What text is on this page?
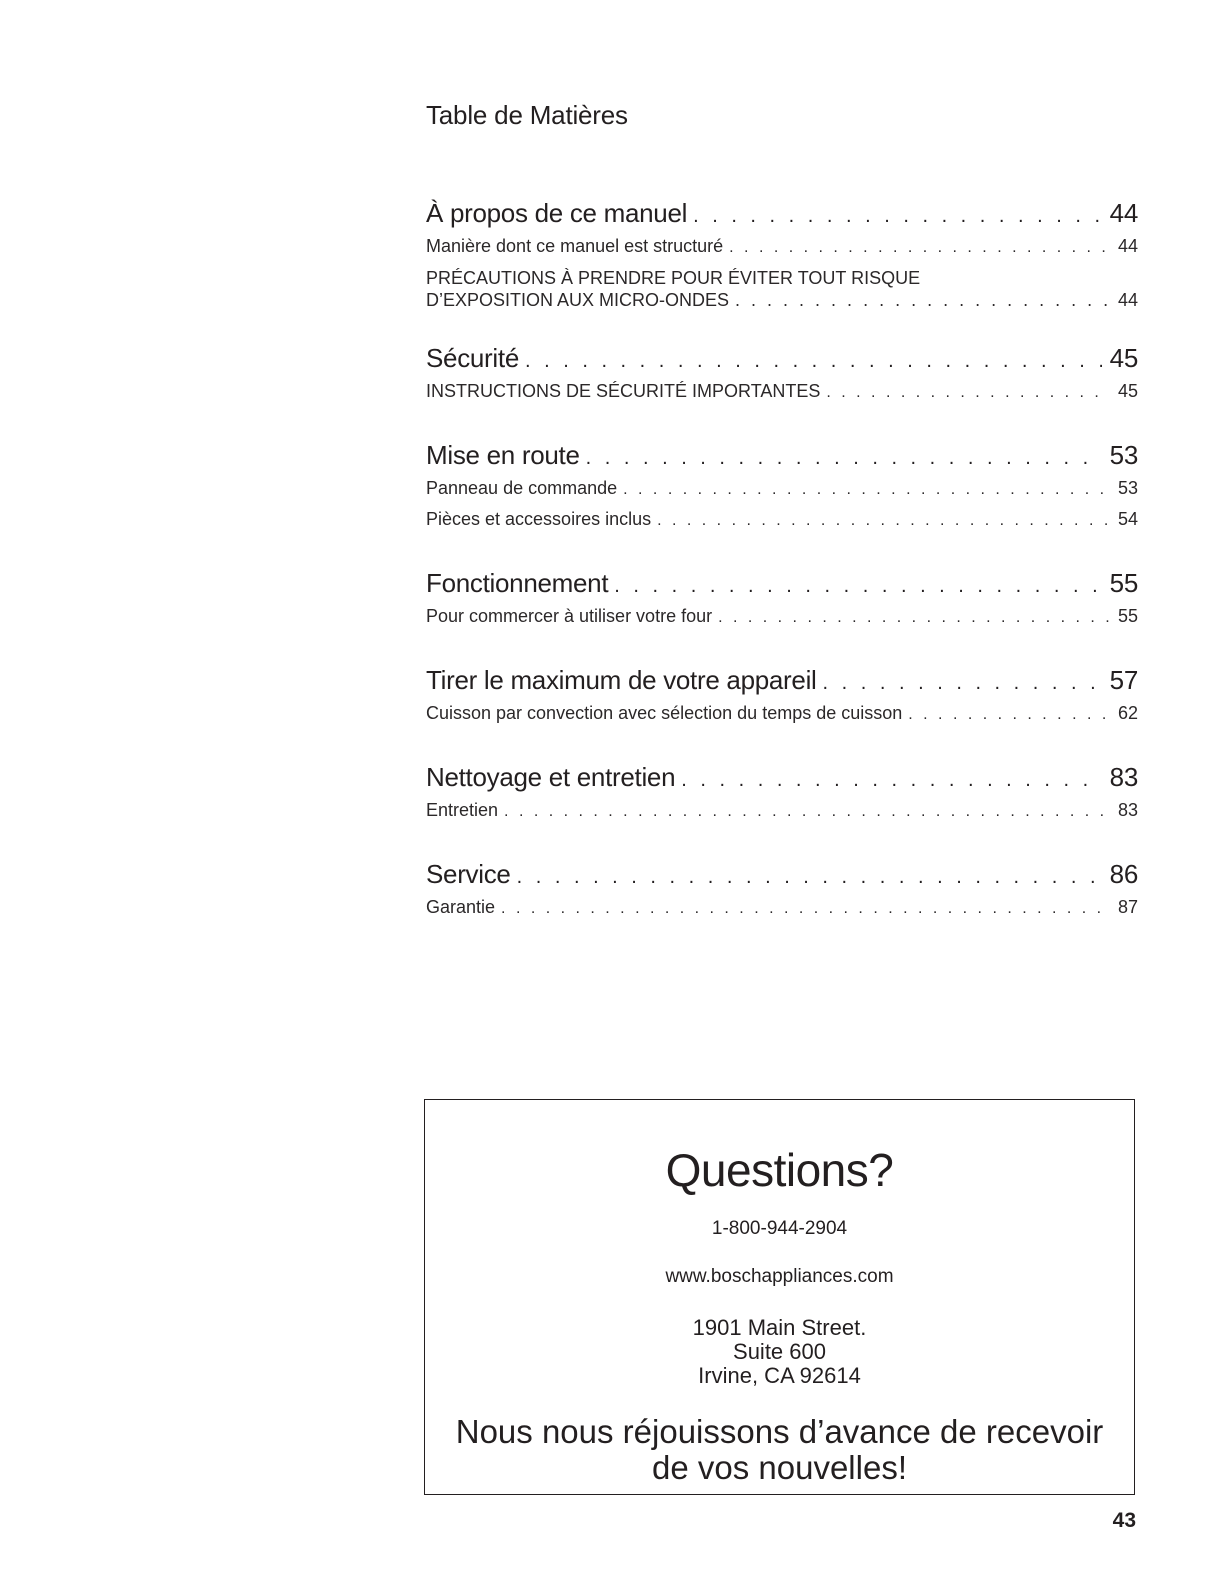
Table de Matières
À propos de ce manuel . . .	44
Manière dont ce manuel est structuré . . .	44
PRÉCAUTIONS À PRENDRE POUR ÉVITER TOUT RISQUE
D’EXPOSITION AUX MICRO-ONDES . . .	44
Sécurité . . .	45
INSTRUCTIONS DE SÉCURITÉ IMPORTANTES . . .	45
Mise en route . . .	53
Panneau de commande . . .	53
Pièces et accessoires inclus . . .	54
Fonctionnement . . .	55
Pour commercer à utiliser votre four . . .	55
Tirer le maximum de votre appareil . . .	57
Cuisson par convection avec sélection du temps de cuisson . . .	62
Nettoyage et entretien . . .	83
Entretien . . .	83
Service . . .	86
Garantie . . .	87
Questions?
1-800-944-2904
www.boschappliances.com
1901 Main Street.
Suite 600
Irvine, CA 92614
Nous nous réjouissons d’avance de recevoir
de vos nouvelles!
43
